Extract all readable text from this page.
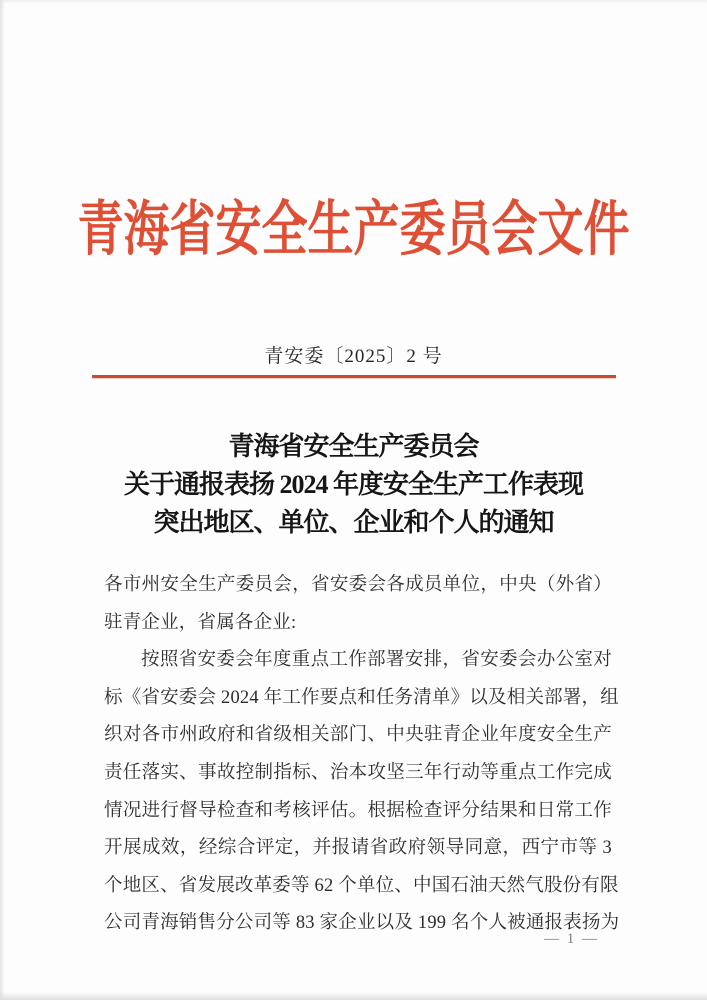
青海省安全生产委员会文件
青安委〔2025〕2 号
青海省安全生产委员会
关于通报表扬 2024 年度安全生产工作表现
突出地区、单位、企业和个人的通知
各市州安全生产委员会，省安委会各成员单位，中央（外省）
驻青企业，省属各企业:
按照省安委会年度重点工作部署安排，省安委会办公室对
标《省安委会 2024 年工作要点和任务清单》以及相关部署，组
织对各市州政府和省级相关部门、中央驻青企业年度安全生产
责任落实、事故控制指标、治本攻坚三年行动等重点工作完成
情况进行督导检查和考核评估。根据检查评分结果和日常工作
开展成效，经综合评定，并报请省政府领导同意，西宁市等 3
个地区、省发展改革委等 62 个单位、中国石油天然气股份有限
公司青海销售分公司等 83 家企业以及 199 名个人被通报表扬为
— 1 —
